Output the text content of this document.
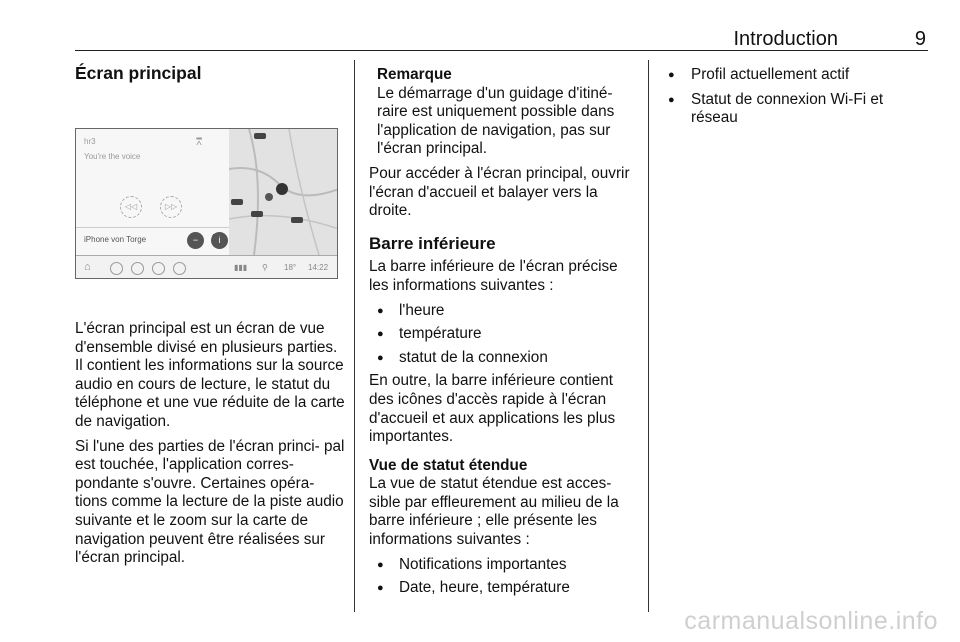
Introduction	9
Écran principal
hr3
You're the voice
⩞
◁◁	▷▷
iPhone von Torge	−	i
⌂	▮▮▮ ⚲ 18° 14:22

L'écran principal est un écran de vue d'ensemble divisé en plusieurs parties. Il contient les informations sur la source audio en cours de lecture, le statut du téléphone et une vue réduite de la carte de navigation.

Si l'une des parties de l'écran princi‐ pal est touchée, l'application corres‐ pondante s'ouvre. Certaines opéra‐ tions comme la lecture de la piste audio suivante et le zoom sur la carte de navigation peuvent être réalisées sur l'écran principal.

Remarque
Le démarrage d'un guidage d'itiné‐ raire est uniquement possible dans l'application de navigation, pas sur l'écran principal.

Pour accéder à l'écran principal, ouvrir l'écran d'accueil et balayer vers la droite.

Barre inférieure

La barre inférieure de l'écran précise les informations suivantes :

● l'heure
● température
● statut de la connexion

En outre, la barre inférieure contient des icônes d'accès rapide à l'écran d'accueil et aux applications les plus importantes.

Vue de statut étendue

La vue de statut étendue est acces‐ sible par effleurement au milieu de la barre inférieure ; elle présente les informations suivantes :

● Notifications importantes
● Date, heure, température
● Profil actuellement actif
● Statut de connexion Wi-Fi et réseau
carmanualsonline.info
